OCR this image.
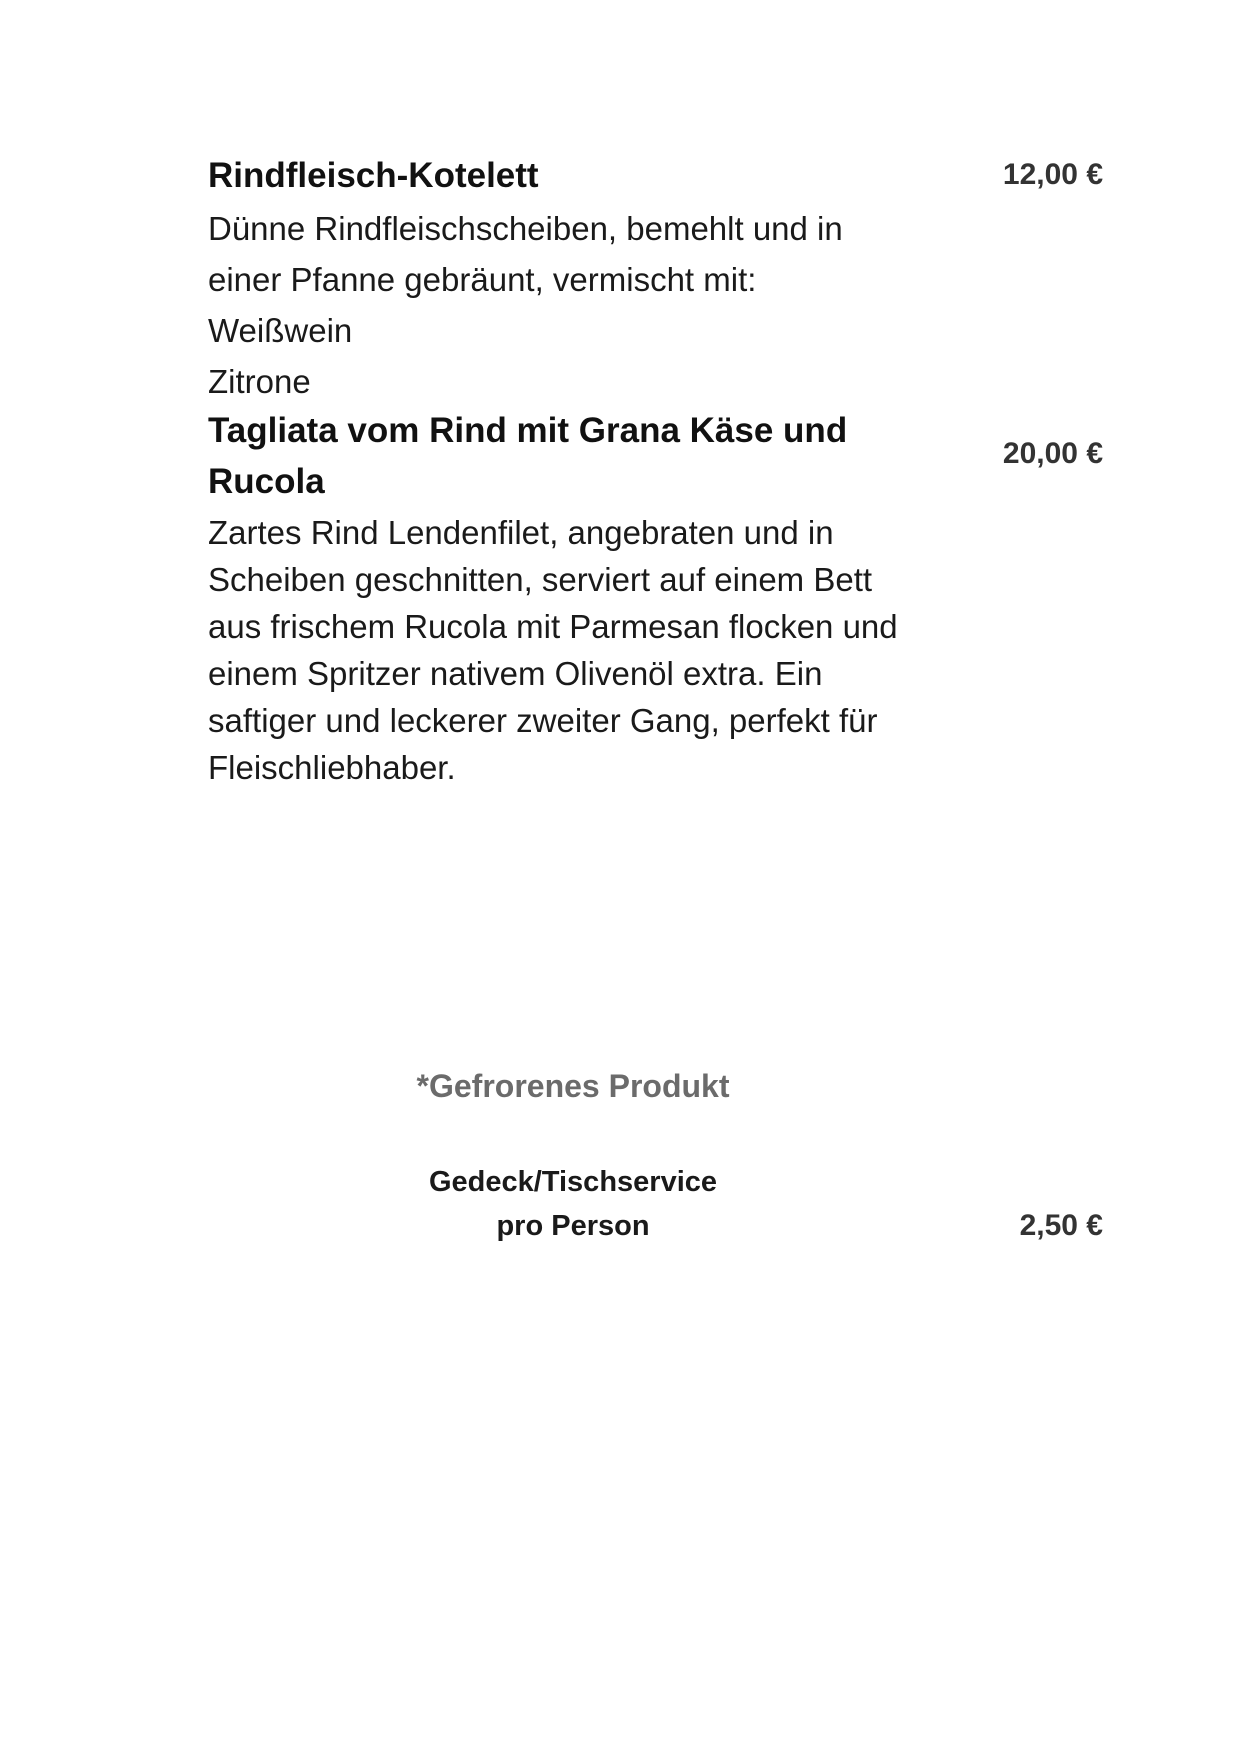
Rindfleisch-Kotelett	12,00 €
Dünne Rindfleischscheiben, bemehlt und in
einer Pfanne gebräunt, vermischt mit:
Weißwein
Zitrone
Tagliata vom Rind mit Grana Käse und
Rucola
20,00 €
Zartes Rind Lendenfilet, angebraten und in
Scheiben geschnitten, serviert auf einem Bett
aus frischem Rucola mit Parmesan flocken und
einem Spritzer nativem Olivenöl extra. Ein
saftiger und leckerer zweiter Gang, perfekt für
Fleischliebhaber.
*Gefrorenes Produkt
Gedeck/Tischservice
pro Person	2,50 €
